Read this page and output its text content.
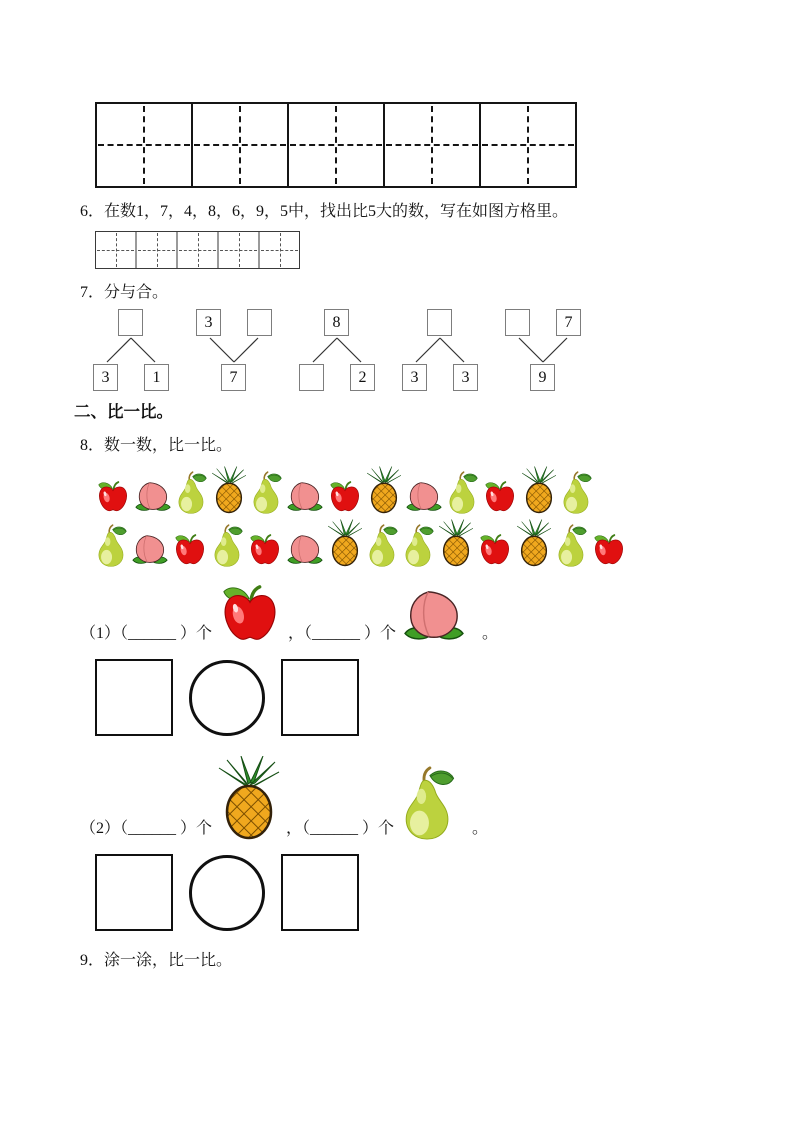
6．在数1，7，4，8，6，9，5中，找出比5大的数，写在如图方格里。
7．分与合。
3	1
3
7
8
2	3	3
7
9
二、比一比。
8．数一数，比一比。
（1）（______ ）个	，（______ ）个	。
（2）（______ ）个	，（______ ）个	。
9．涂一涂，比一比。
